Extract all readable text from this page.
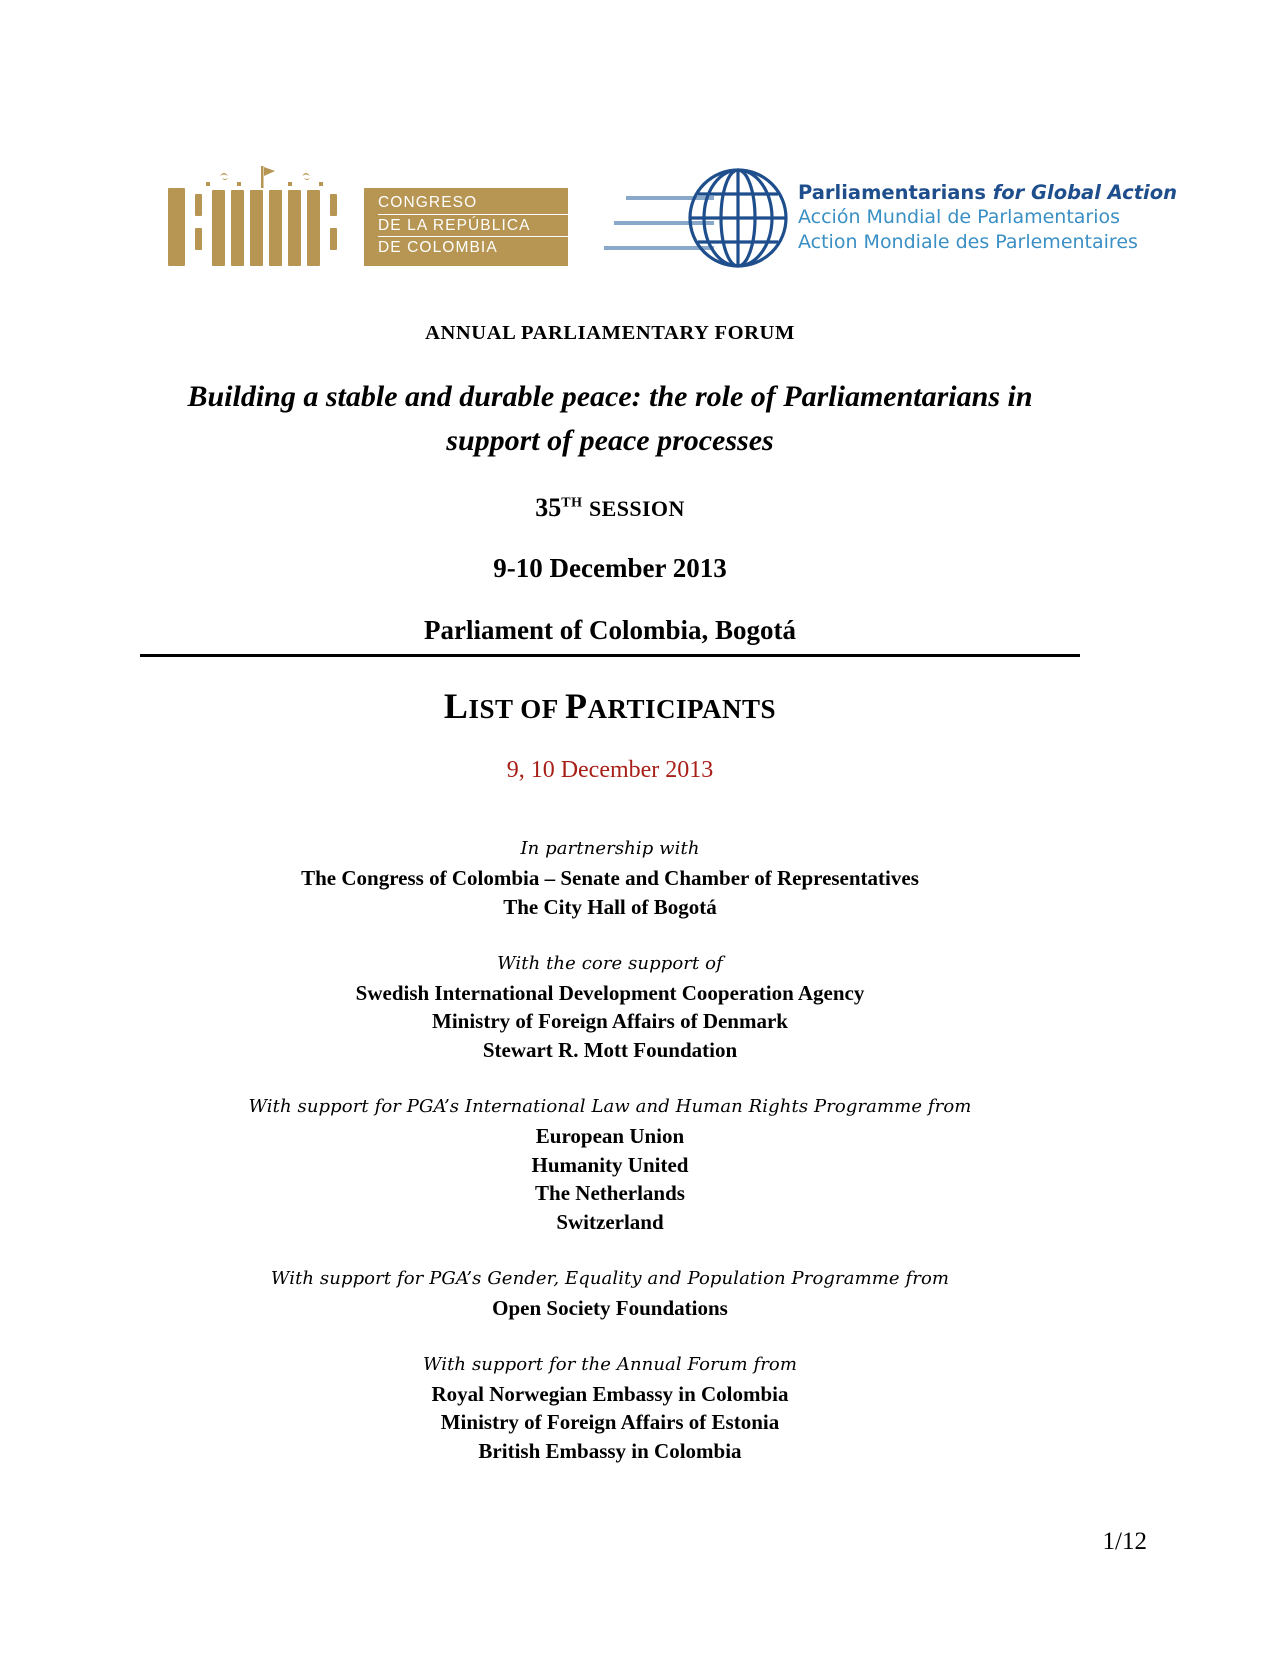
CONGRESO
DE LA REPÚBLICA
DE COLOMBIA
Parliamentarians for Global Action
Acción Mundial de Parlamentarios
Action Mondiale des Parlementaires
ANNUAL PARLIAMENTARY FORUM
Building a stable and durable peace: the role of Parliamentarians in support of peace processes
35TH SESSION
9-10 December 2013
Parliament of Colombia, Bogotá
LIST OF PARTICIPANTS
9, 10 December 2013
In partnership with
The Congress of Colombia – Senate and Chamber of Representatives
The City Hall of Bogotá
With the core support of
Swedish International Development Cooperation Agency
Ministry of Foreign Affairs of Denmark
Stewart R. Mott Foundation
With support for PGA’s International Law and Human Rights Programme from
European Union
Humanity United
The Netherlands
Switzerland
With support for PGA’s Gender, Equality and Population Programme from
Open Society Foundations
With support for the Annual Forum from
Royal Norwegian Embassy in Colombia
Ministry of Foreign Affairs of Estonia
British Embassy in Colombia
1/12
